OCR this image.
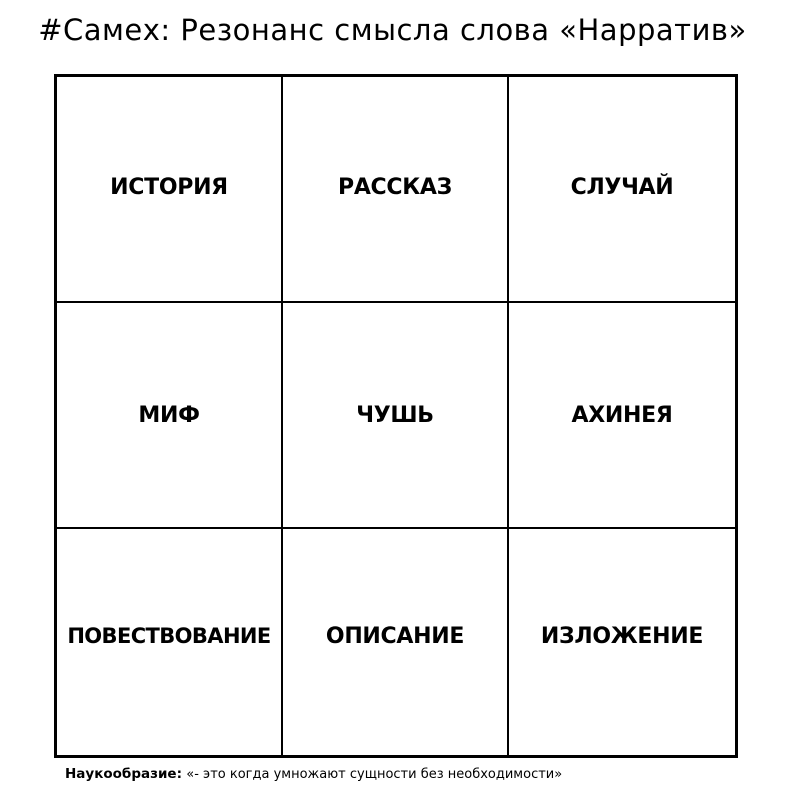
#Самех: Резонанс смысла слова «Нарратив»
ИСТОРИЯ	РАССКАЗ	СЛУЧАЙ
МИФ	ЧУШЬ	АХИНЕЯ
ПОВЕСТВОВАНИЕ	ОПИСАНИЕ	ИЗЛОЖЕНИЕ
Наукообразие: «- это когда умножают сущности без необходимости»
